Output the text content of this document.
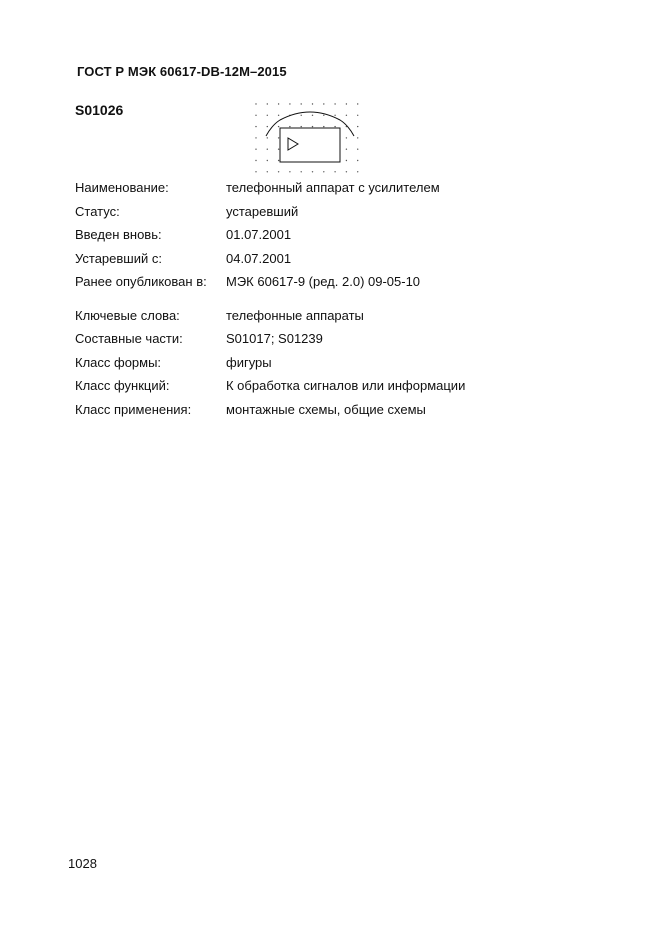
ГОСТ Р МЭК 60617-DB-12M–2015
S01026
Наименование:	телефонный аппарат с усилителем
Статус:	устаревший
Введен вновь:	01.07.2001
Устаревший с:	04.07.2001
Ранее опубликован в: МЭК 60617-9 (ред. 2.0) 09-05-10
Ключевые слова:	телефонные аппараты
Составные части:	S01017; S01239
Класс формы:	фигуры
Класс функций:	К обработка сигналов или информации
Класс применения:	монтажные схемы, общие схемы
1028
